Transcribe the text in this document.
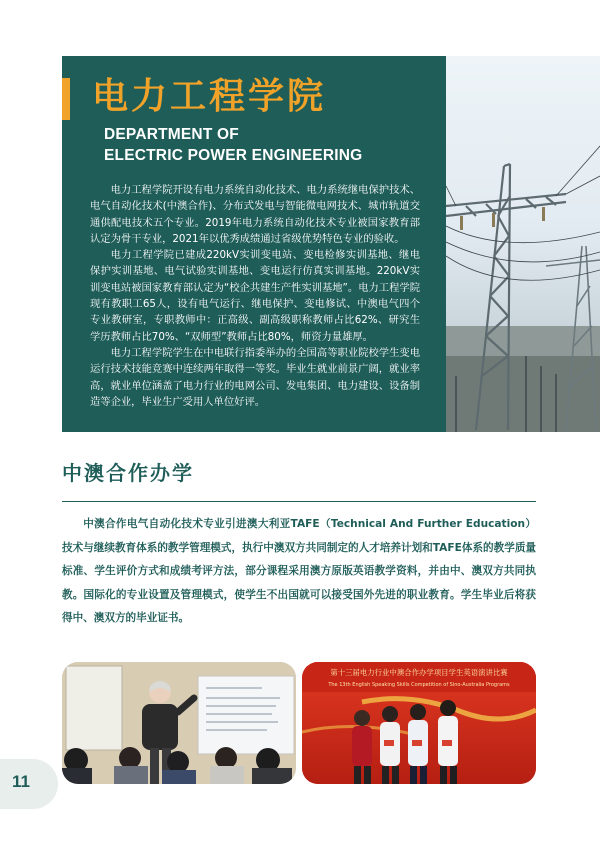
电力工程学院
DEPARTMENT OF
ELECTRIC POWER ENGINEERING

电力工程学院开设有电力系统自动化技术、电力系统继电保护技术、电气自动化技术(中澳合作)、分布式发电与智能微电网技术、城市轨道交通供配电技术五个专业。2019年电力系统自动化技术专业被国家教育部认定为骨干专业，2021年以优秀成绩通过省级优势特色专业的验收。

电力工程学院已建成220kV实训变电站、变电检修实训基地、继电保护实训基地、电气试验实训基地、变电运行仿真实训基地。220kV实训变电站被国家教育部认定为“校企共建生产性实训基地”。电力工程学院现有教职工65人，设有电气运行、继电保护、变电修试、中澳电气四个专业教研室，专职教师中：正高级、副高级职称教师占比62%、研究生学历教师占比70%、“双师型”教师占比80%，师资力量雄厚。

电力工程学院学生在中电联行指委举办的全国高等职业院校学生变电运行技术技能竞赛中连续两年取得一等奖。毕业生就业前景广阔，就业率高，就业单位涵盖了电力行业的电网公司、发电集团、电力建设、设备制造等企业，毕业生广受用人单位好评。

中澳合作办学

中澳合作电气自动化技术专业引进澳大利亚TAFE（Technical And Further Education）技术与继续教育体系的教学管理模式，执行中澳双方共同制定的人才培养计划和TAFE体系的教学质量标准、学生评价方式和成绩考评方法，部分课程采用澳方原版英语教学资料，并由中、澳双方共同执教。国际化的专业设置及管理模式，使学生不出国就可以接受国外先进的职业教育。学生毕业后将获得中、澳双方的毕业证书。

第十三届电力行业中澳合作办学项目学生英语演讲比赛
The 13th English Speaking Skills Competition of Sino-Australia Programs

11
